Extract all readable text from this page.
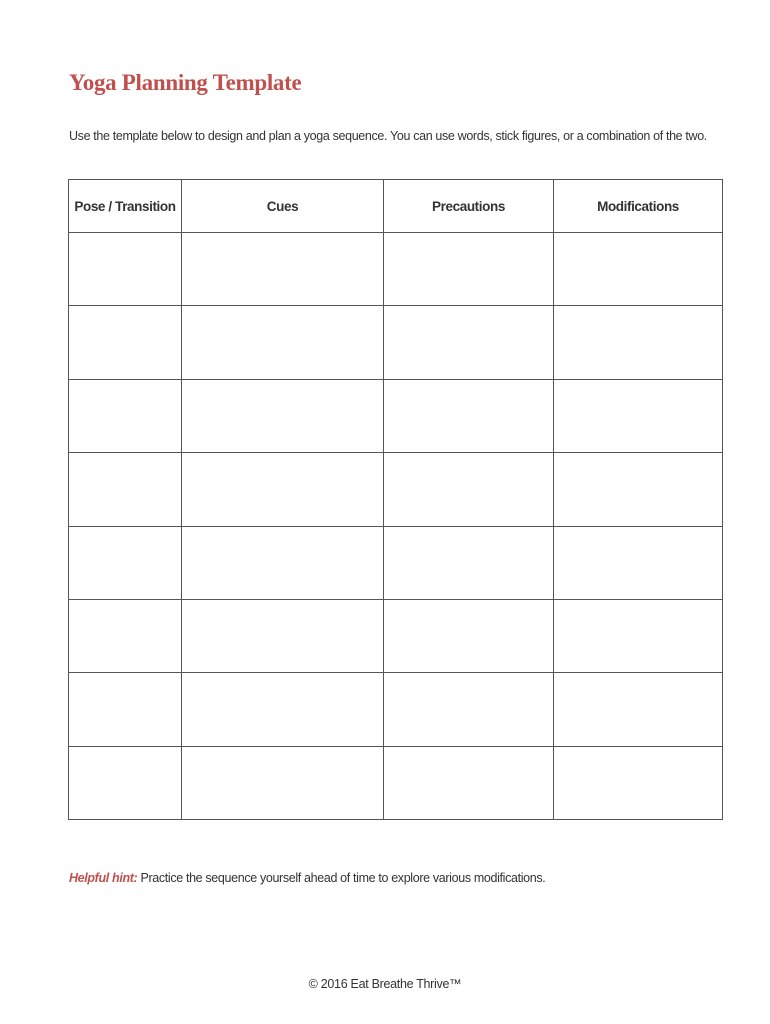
Yoga Planning Template
Use the template below to design and plan a yoga sequence. You can use words, stick figures, or a combination of the two.
Pose / Transition	Cues	Precautions	Modifications

Helpful hint: Practice the sequence yourself ahead of time to explore various modifications.
© 2016 Eat Breathe Thrive™
